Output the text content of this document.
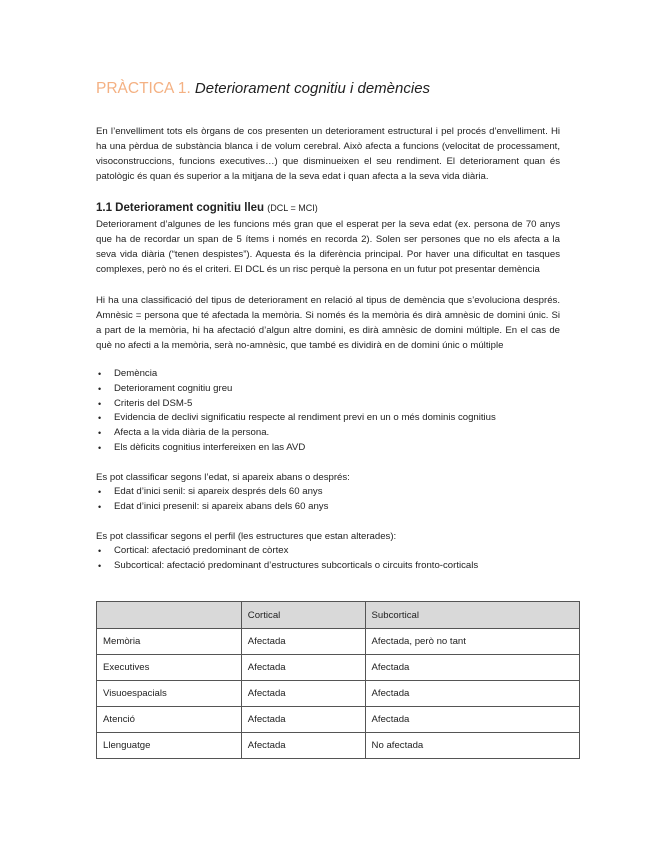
PRÀCTICA 1. Deteriorament cognitiu i demències

En l’envelliment tots els òrgans de cos presenten un deteriorament estructural i pel procés d’envelliment. Hi ha una pèrdua de substància blanca i de volum cerebral. Això afecta a funcions (velocitat de processament, visoconstruccions, funcions executives…) que disminueixen el seu rendiment. El deteriorament quan és patològic és quan és superior a la mitjana de la seva edat i quan afecta a la seva vida diària.

1.1 Deteriorament cognitiu lleu (DCL = MCI)

Deteriorament d’algunes de les funcions més gran que el esperat per la seva edat (ex. persona de 70 anys que ha de recordar un span de 5 ítems i només en recorda 2). Solen ser persones que no els afecta a la seva vida diària (“tenen despistes”). Aquesta és la diferència principal. Por haver una dificultat en tasques complexes, però no és el criteri. El DCL és un risc perquè la persona en un futur pot presentar demència

Hi ha una classificació del tipus de deteriorament en relació al tipus de demència que s’evoluciona després. Amnèsic = persona que té afectada la memòria. Si només és la memòria és dirà amnèsic de domini únic. Si a part de la memòria, hi ha afectació d’algun altre domini, es dirà amnèsic de domini múltiple. En el cas de què no afecti a la memòria, serà no-amnèsic, que també es dividirà en de domini únic o múltiple

• Demència
• Deteriorament cognitiu greu
• Criteris del DSM-5
• Evidencia de declivi significatiu respecte al rendiment previ en un o més dominis cognitius
• Afecta a la vida diària de la persona.
• Els dèficits cognitius interfereixen en las AVD

Es pot classificar segons l’edat, si apareix abans o després:

• Edat d’inici senil: si apareix després dels 60 anys
• Edat d’inici presenil: si apareix abans dels 60 anys

Es pot classificar segons el perfil (les estructures que estan alterades):

• Cortical: afectació predominant de còrtex
• Subcortical: afectació predominant d’estructures subcorticals o circuits fronto-corticals
	Cortical	Subcortical
Memòria	Afectada	Afectada, però no tant
Executives	Afectada	Afectada
Visuoespacials	Afectada	Afectada
Atenció	Afectada	Afectada
Llenguatge	Afectada	No afectada
